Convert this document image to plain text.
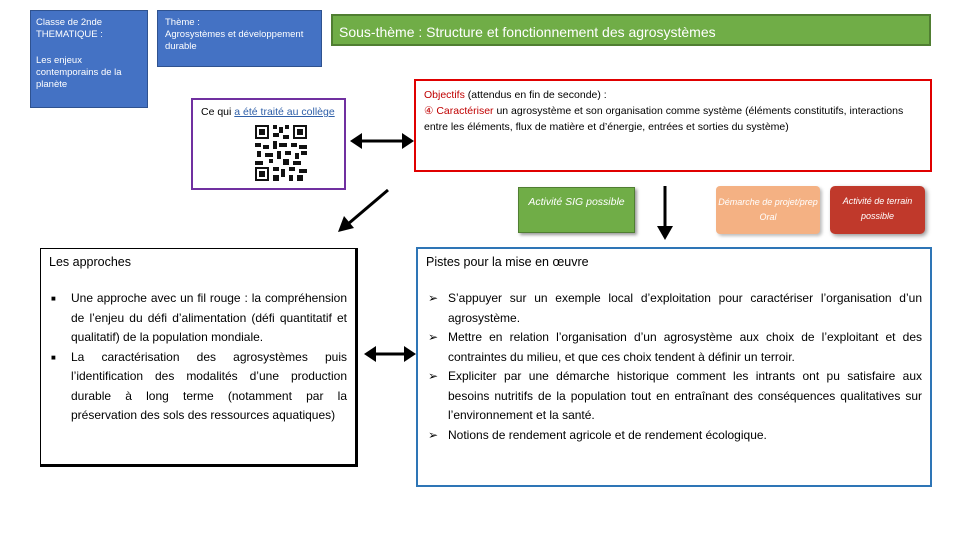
Classe de 2nde
THEMATIQUE :
Les enjeux contemporains de la planète
Thème :
Agrosystèmes et développement durable
Sous-thème : Structure et fonctionnement des agrosystèmes
Ce qui a été traité au collège
Objectifs (attendus en fin de seconde) :
④ Caractériser un agrosystème et son organisation comme système (éléments constitutifs, interactions entre les éléments, flux de matière et d’énergie, entrées et sorties du système)
Activité SIG possible	Démarche de projet/prep Oral
Activité de terrain possible
Les approches
■ Une approche avec un fil rouge : la compréhension de l’enjeu du défi d’alimentation (défi quantitatif et qualitatif) de la population mondiale.
■ La caractérisation des agrosystèmes puis l’identification des modalités d’une production durable à long terme (notamment par la préservation des sols des ressources aquatiques)
Pistes pour la mise en œuvre
➢ S’appuyer sur un exemple local d’exploitation pour caractériser l’organisation d’un agrosystème.
➢ Mettre en relation l’organisation d’un agrosystème aux choix de l’exploitant et des contraintes du milieu, et que ces choix tendent à définir un terroir.
➢ Expliciter par une démarche historique comment les intrants ont pu satisfaire aux besoins nutritifs de la population tout en entraînant des conséquences qualitatives sur l’environnement et la santé.
➢ Notions de rendement agricole et de rendement écologique.
